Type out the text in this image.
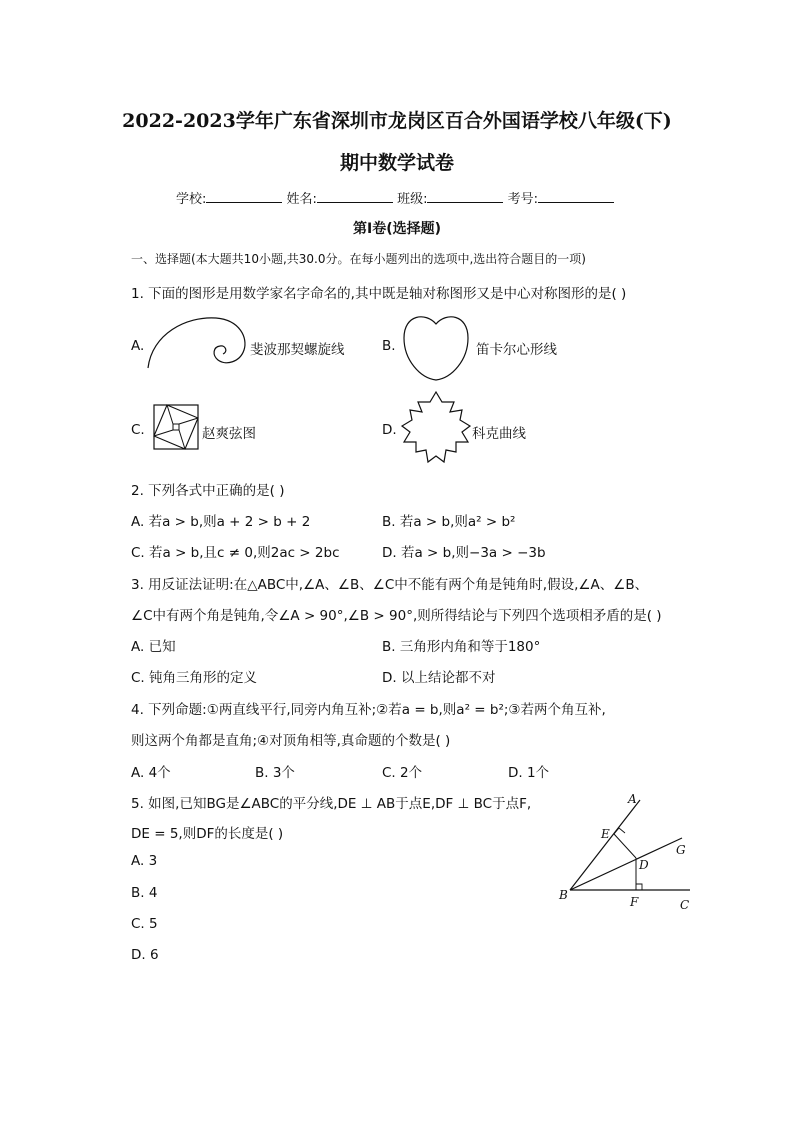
2022-2023学年广东省深圳市龙岗区百合外国语学校八年级(下)
期中数学试卷
学校:	姓名:	班级:	考号:
第I卷(选择题)
一、选择题(本大题共10小题,共30.0分。在每小题列出的选项中,选出符合题目的一项)
1. 下面的图形是用数学家名字命名的,其中既是轴对称图形又是中心对称图形的是( )
A.	斐波那契螺旋线	B.	笛卡尔心形线
C.	赵爽弦图	D.	科克曲线
2. 下列各式中正确的是( )
A. 若a > b,则a + 2 > b + 2	B. 若a > b,则a² > b²
C. 若a > b,且c ≠ 0,则2ac > 2bc	D. 若a > b,则−3a > −3b
3. 用反证法证明:在△ABC中,∠A、∠B、∠C中不能有两个角是钝角时,假设,∠A、∠B、
∠C中有两个角是钝角,令∠A > 90°,∠B > 90°,则所得结论与下列四个选项相矛盾的是( )
A. 已知	B. 三角形内角和等于180°
C. 钝角三角形的定义	D. 以上结论都不对
4. 下列命题:①两直线平行,同旁内角互补;②若a = b,则a² = b²;③若两个角互补,
则这两个角都是直角;④对顶角相等,真命题的个数是( )
A. 4个	B. 3个	C. 2个	D. 1个
5. 如图,已知BG是∠ABC的平分线,DE ⊥ AB于点E,DF ⊥ BC于点F,
DE = 5,则DF的长度是( )
A. 3
B. 4
C. 5
D. 6
A
B
C
D
E
F
G
